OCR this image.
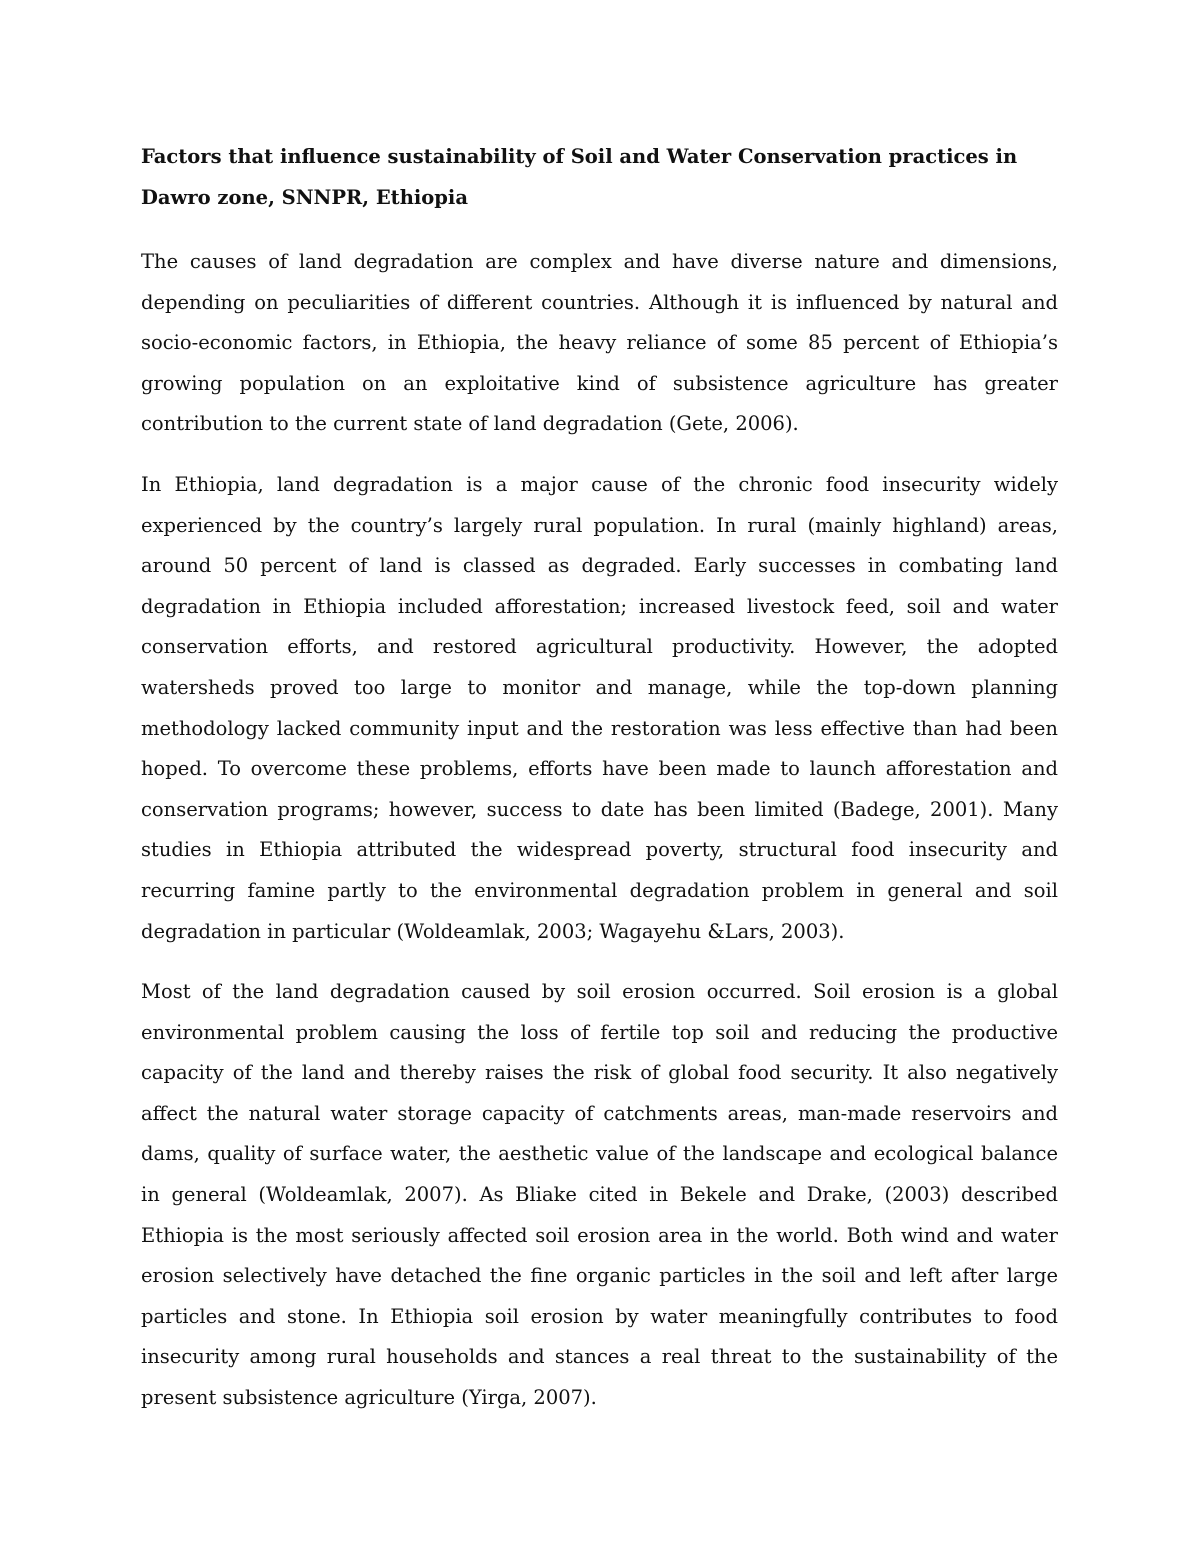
Factors that influence sustainability of Soil and Water Conservation practices in Dawro zone, SNNPR, Ethiopia

The causes of land degradation are complex and have diverse nature and dimensions, depending on peculiarities of different countries. Although it is influenced by natural and socio-economic factors, in Ethiopia, the heavy reliance of some 85 percent of Ethiopia’s growing population on an exploitative kind of subsistence agriculture has greater contribution to the current state of land degradation (Gete, 2006).

In Ethiopia, land degradation is a major cause of the chronic food insecurity widely experienced by the country’s largely rural population. In rural (mainly highland) areas, around 50 percent of land is classed as degraded. Early successes in combating land degradation in Ethiopia included afforestation; increased livestock feed, soil and water conservation efforts, and restored agricultural productivity. However, the adopted watersheds proved too large to monitor and manage, while the top-down planning methodology lacked community input and the restoration was less effective than had been hoped. To overcome these problems, efforts have been made to launch afforestation and conservation programs; however, success to date has been limited (Badege, 2001). Many studies in Ethiopia attributed the widespread poverty, structural food insecurity and recurring famine partly to the environmental degradation problem in general and soil degradation in particular (Woldeamlak, 2003; Wagayehu &Lars, 2003).

Most of the land degradation caused by soil erosion occurred. Soil erosion is a global environmental problem causing the loss of fertile top soil and reducing the productive capacity of the land and thereby raises the risk of global food security. It also negatively affect the natural water storage capacity of catchments areas, man-made reservoirs and dams, quality of surface water, the aesthetic value of the landscape and ecological balance in general (Woldeamlak, 2007). As Bliake cited in Bekele and Drake, (2003) described Ethiopia is the most seriously affected soil erosion area in the world. Both wind and water erosion selectively have detached the fine organic particles in the soil and left after large particles and stone. In Ethiopia soil erosion by water meaningfully contributes to food insecurity among rural households and stances a real threat to the sustainability of the present subsistence agriculture (Yirga, 2007).
